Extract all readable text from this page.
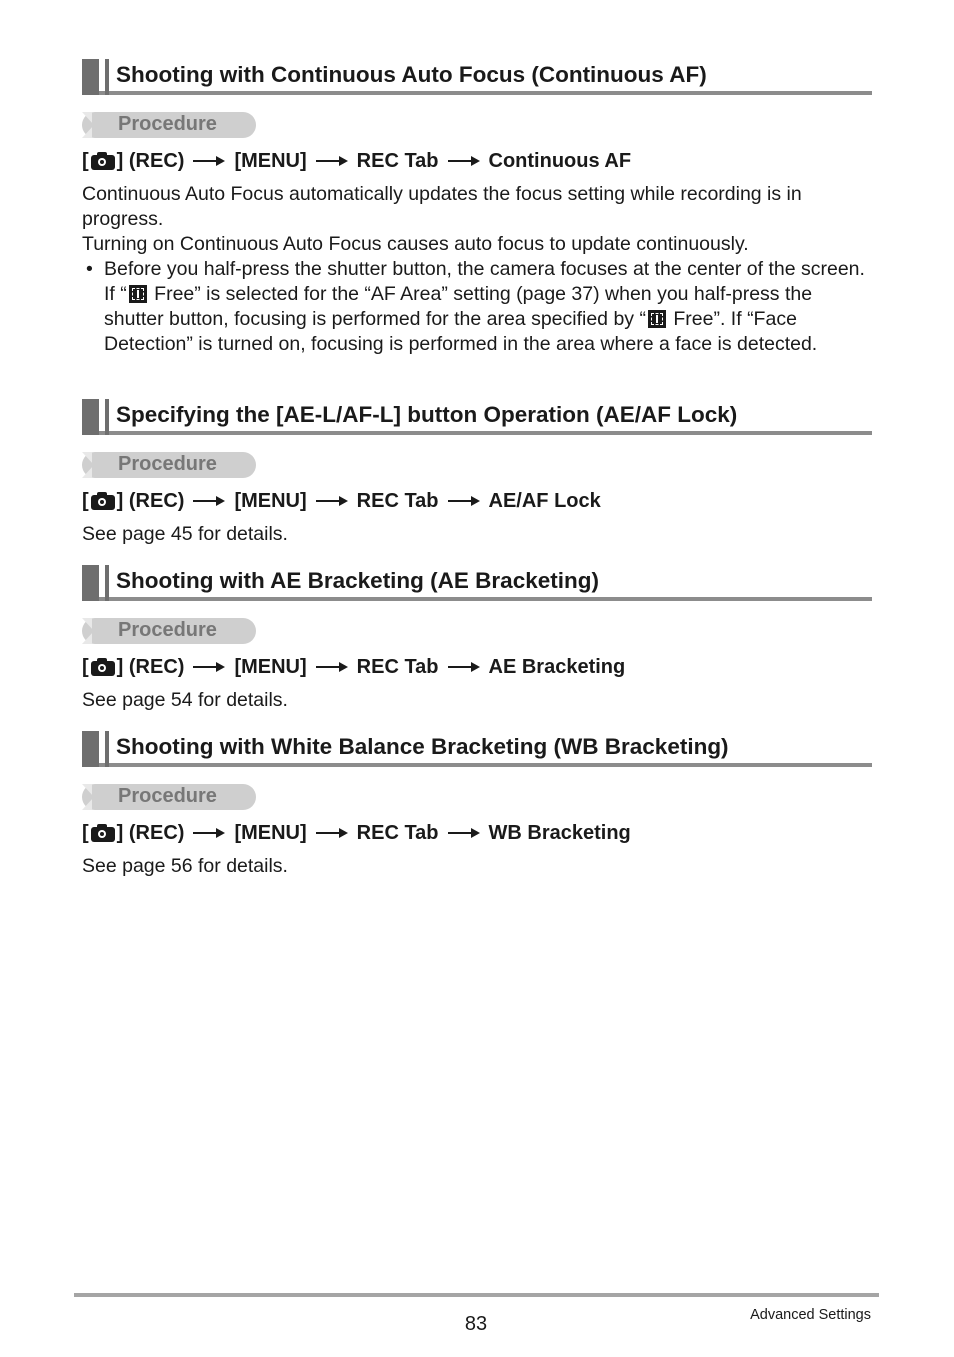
Shooting with Continuous Auto Focus (Continuous AF)
Procedure
[ ] (REC)	[MENU]	REC Tab	Continuous AF

Continuous Auto Focus automatically updates the focus setting while recording is in progress.

Turning on Continuous Auto Focus causes auto focus to update continuously.

• Before you half-press the shutter button, the camera focuses at the center of the screen. If “ Free” is selected for the “AF Area” setting (page 37) when you half-press the shutter button, focusing is performed for the area specified by “ Free”. If “Face Detection” is turned on, focusing is performed in the area where a face is detected.
Specifying the [AE-L/AF-L] button Operation (AE/AF Lock)
Procedure
[ ] (REC)	[MENU]	REC Tab	AE/AF Lock

See page 45 for details.

Shooting with AE Bracketing (AE Bracketing)
Procedure
[ ] (REC)	[MENU]	REC Tab	AE Bracketing

See page 54 for details.

Shooting with White Balance Bracketing (WB Bracketing)
Procedure
[ ] (REC)	[MENU]	REC Tab	WB Bracketing

See page 56 for details.

83	Advanced Settings
